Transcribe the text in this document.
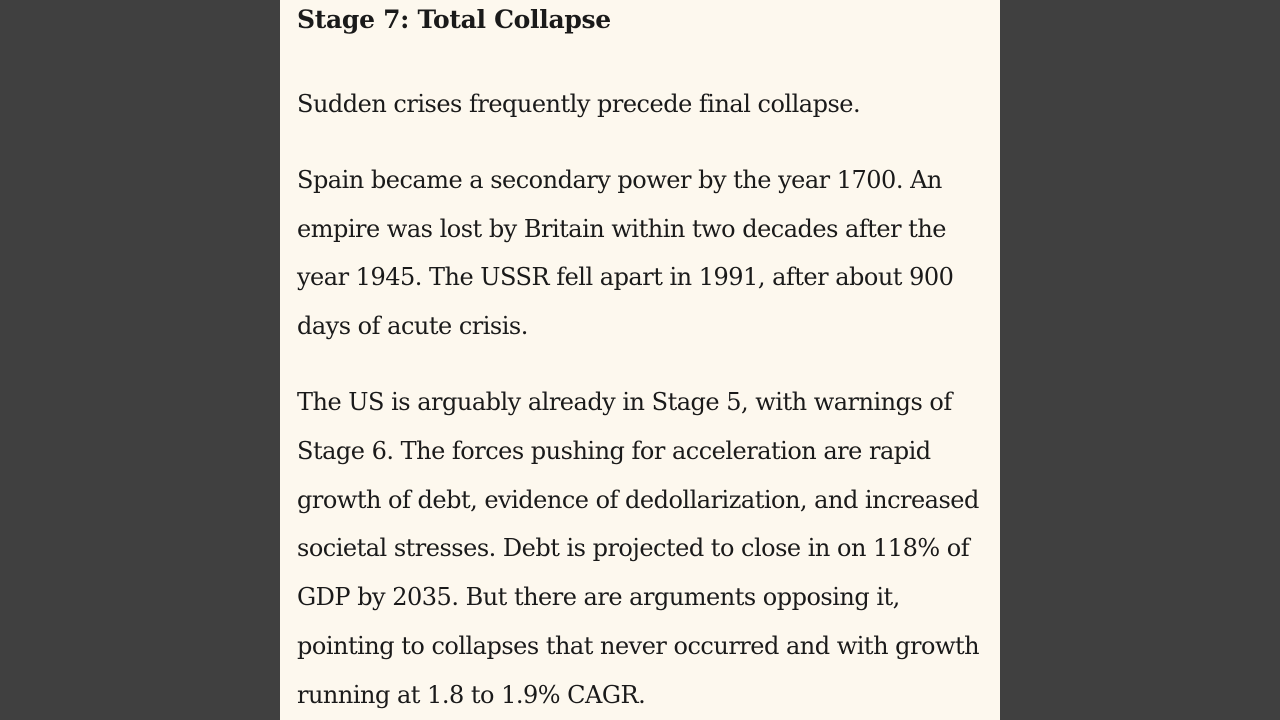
Stage 7: Total Collapse

Sudden crises frequently precede final collapse.

Spain became a secondary power by the year 1700. An empire was lost by Britain within two decades after the year 1945. The USSR fell apart in 1991, after about 900 days of acute crisis.

The US is arguably already in Stage 5, with warnings of Stage 6. The forces pushing for acceleration are rapid growth of debt, evidence of dedollarization, and increased societal stresses. Debt is projected to close in on 118% of GDP by 2035. But there are arguments opposing it, pointing to collapses that never occurred and with growth running at 1.8 to 1.9% CAGR.
